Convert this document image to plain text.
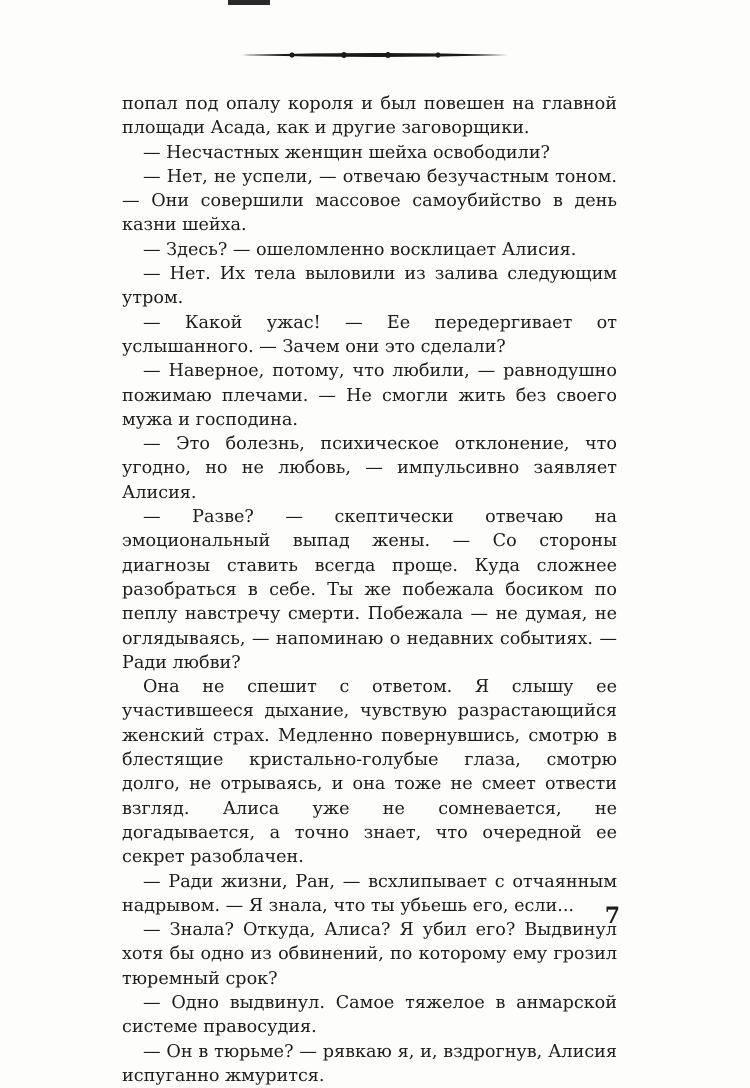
попал под опалу короля и был повешен на главной площади Асада, как и другие заговорщики.

— Несчастных женщин шейха освободили?

— Нет, не успели, — отвечаю безучастным тоном. — Они совершили массовое самоубийство в день казни шейха.

— Здесь? — ошеломленно восклицает Алисия.

— Нет. Их тела выловили из залива следующим утром.

— Какой ужас! — Ее передергивает от услышанного. — Зачем они это сделали?

— Наверное, потому, что любили, — равнодушно пожимаю плечами. — Не смогли жить без своего мужа и господина.

— Это болезнь, психическое отклонение, что угодно, но не любовь, — импульсивно заявляет Алисия.

— Разве? — скептически отвечаю на эмоциональный выпад жены. — Со стороны диагнозы ставить всегда проще. Куда сложнее разобраться в себе. Ты же побежала босиком по пеплу навстречу смерти. Побежала — не думая, не оглядываясь, — напоминаю о недавних событиях. — Ради любви?

Она не спешит с ответом. Я слышу ее участившееся дыхание, чувствую разрастающийся женский страх. Медленно повернувшись, смотрю в блестящие кристально-голубые глаза, смотрю долго, не отрываясь, и она тоже не смеет отвести взгляд. Алиса уже не сомневается, не догадывается, а точно знает, что очередной ее секрет разоблачен.

— Ради жизни, Ран, — всхлипывает с отчаянным надрывом. — Я знала, что ты убьешь его, если...

— Знала? Откуда, Алиса? Я убил его? Выдвинул хотя бы одно из обвинений, по которому ему грозил тюремный срок?

— Одно выдвинул. Самое тяжелое в анмарской системе правосудия.

— Он в тюрьме? — рявкаю я, и, вздрогнув, Алисия испуганно жмурится.

7
